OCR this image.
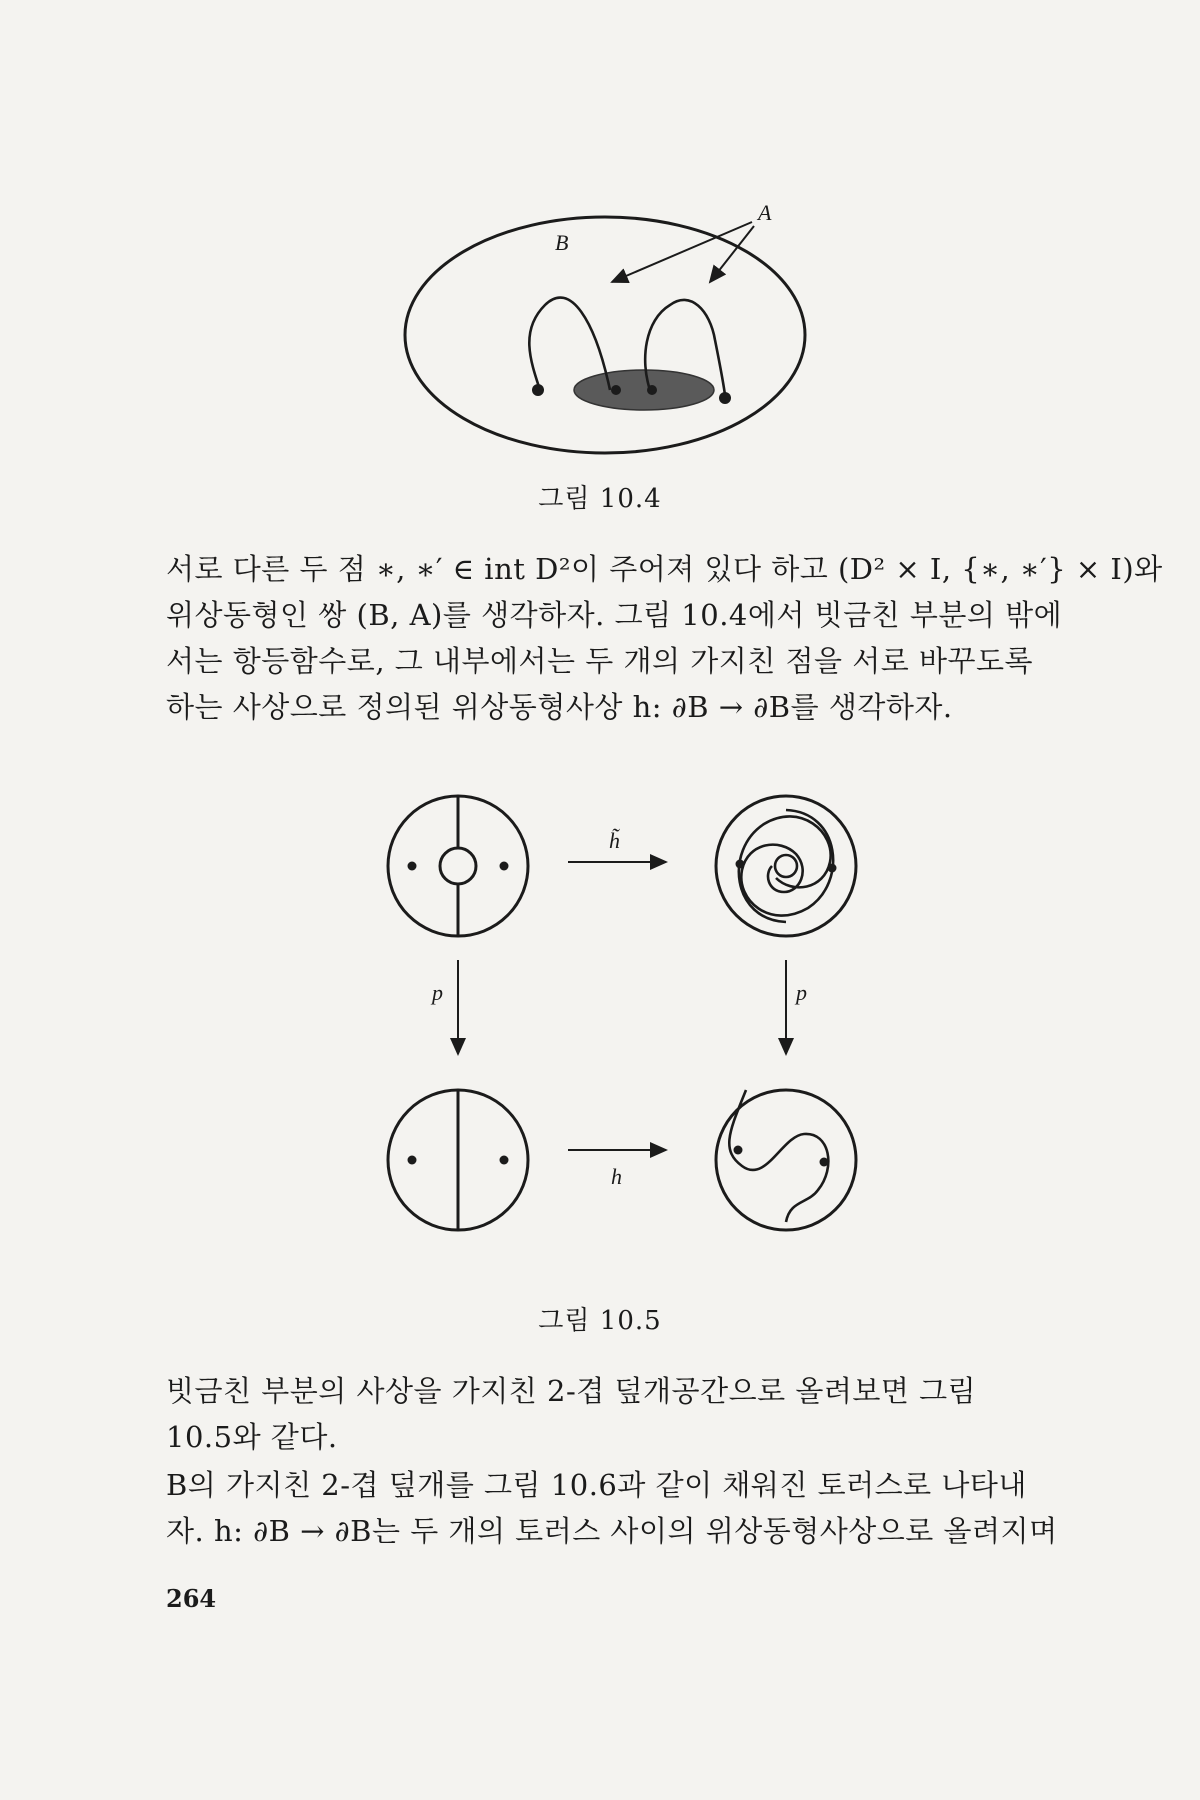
A
B
그림 10.4

서로 다른 두 점 ∗, ∗′ ∈ int D²이 주어져 있다 하고 (D² × I, {∗, ∗′} × I)와
위상동형인 쌍 (B, A)를 생각하자. 그림 10.4에서 빗금친 부분의 밖에
서는 항등함수로, 그 내부에서는 두 개의 가지친 점을 서로 바꾸도록
하는 사상으로 정의된 위상동형사상 h: ∂B → ∂B를 생각하자.

h̃
p	p
h
그림 10.5

빗금친 부분의 사상을 가지친 2-겹 덮개공간으로 올려보면 그림
10.5와 같다.

B의 가지친 2-겹 덮개를 그림 10.6과 같이 채워진 토러스로 나타내
자. h: ∂B → ∂B는 두 개의 토러스 사이의 위상동형사상으로 올려지며

264
